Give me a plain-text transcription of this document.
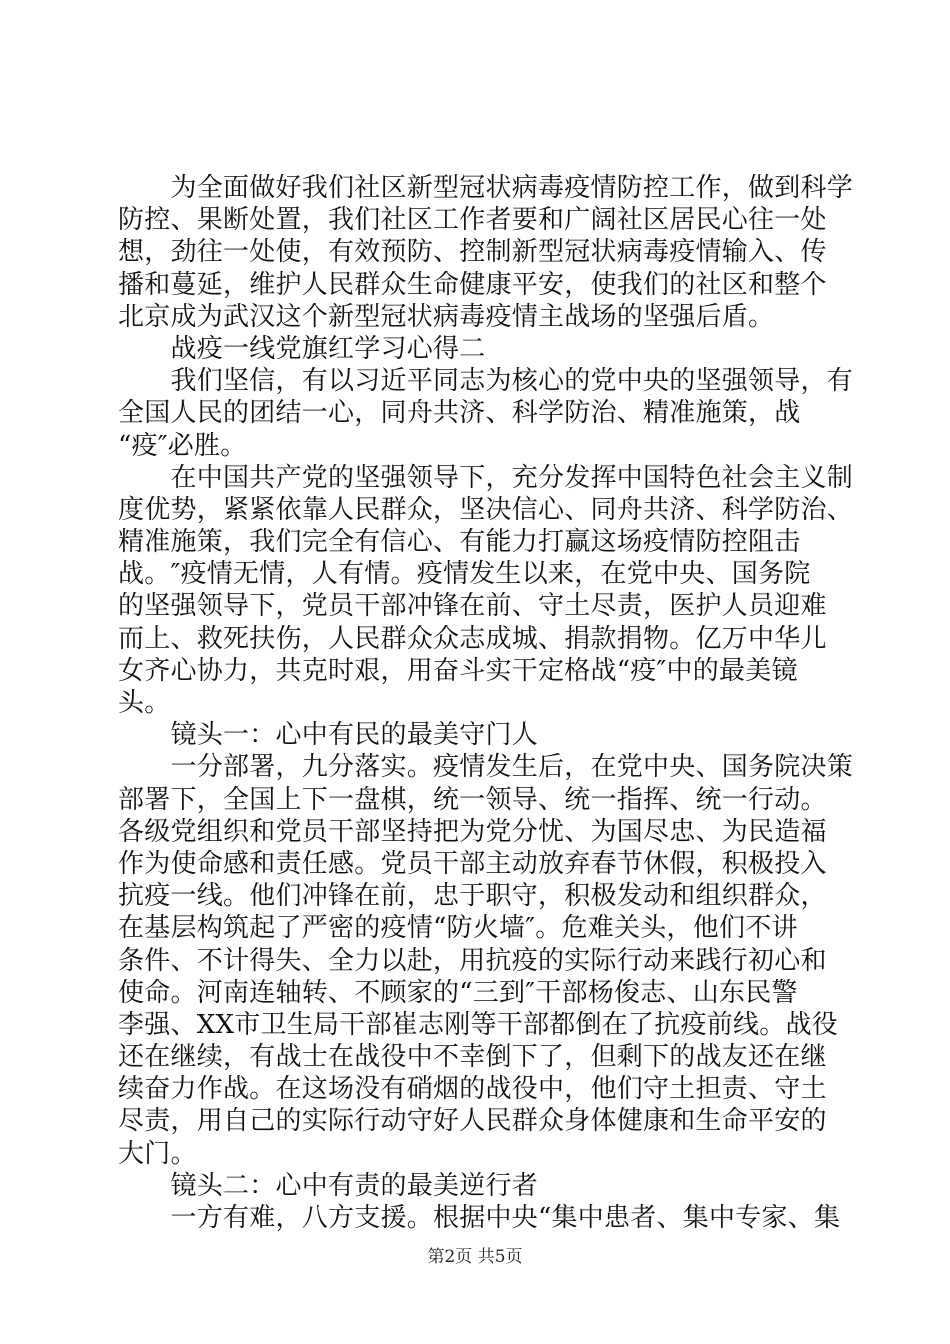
　　为全面做好我们社区新型冠状病毒疫情防控工作，做到科学
防控、果断处置，我们社区工作者要和广阔社区居民心往一处
想，劲往一处使，有效预防、控制新型冠状病毒疫情输入、传
播和蔓延，维护人民群众生命健康平安，使我们的社区和整个
北京成为武汉这个新型冠状病毒疫情主战场的坚强后盾。
　　战疫一线党旗红学习心得二
　　我们坚信，有以习近平同志为核心的党中央的坚强领导，有
全国人民的团结一心，同舟共济、科学防治、精准施策，战
“疫″必胜。
　　在中国共产党的坚强领导下，充分发挥中国特色社会主义制
度优势，紧紧依靠人民群众，坚决信心、同舟共济、科学防治、
精准施策，我们完全有信心、有能力打赢这场疫情防控阻击
战。″疫情无情，人有情。疫情发生以来，在党中央、国务院
的坚强领导下，党员干部冲锋在前、守土尽责，医护人员迎难
而上、救死扶伤，人民群众众志成城、捐款捐物。亿万中华儿
女齐心协力，共克时艰，用奋斗实干定格战“疫″中的最美镜
头。
　　镜头一：心中有民的最美守门人
　　一分部署，九分落实。疫情发生后，在党中央、国务院决策
部署下，全国上下一盘棋，统一领导、统一指挥、统一行动。
各级党组织和党员干部坚持把为党分忧、为国尽忠、为民造福
作为使命感和责任感。党员干部主动放弃春节休假，积极投入
抗疫一线。他们冲锋在前，忠于职守，积极发动和组织群众，
在基层构筑起了严密的疫情“防火墙″。危难关头，他们不讲
条件、不计得失、全力以赴，用抗疫的实际行动来践行初心和
使命。河南连轴转、不顾家的“三到″干部杨俊志、山东民警
李强、XX市卫生局干部崔志刚等干部都倒在了抗疫前线。战役
还在继续，有战士在战役中不幸倒下了，但剩下的战友还在继
续奋力作战。在这场没有硝烟的战役中，他们守土担责、守土
尽责，用自己的实际行动守好人民群众身体健康和生命平安的
大门。
　　镜头二：心中有责的最美逆行者
　　一方有难，八方支援。根据中央“集中患者、集中专家、集
第2页 共5页
